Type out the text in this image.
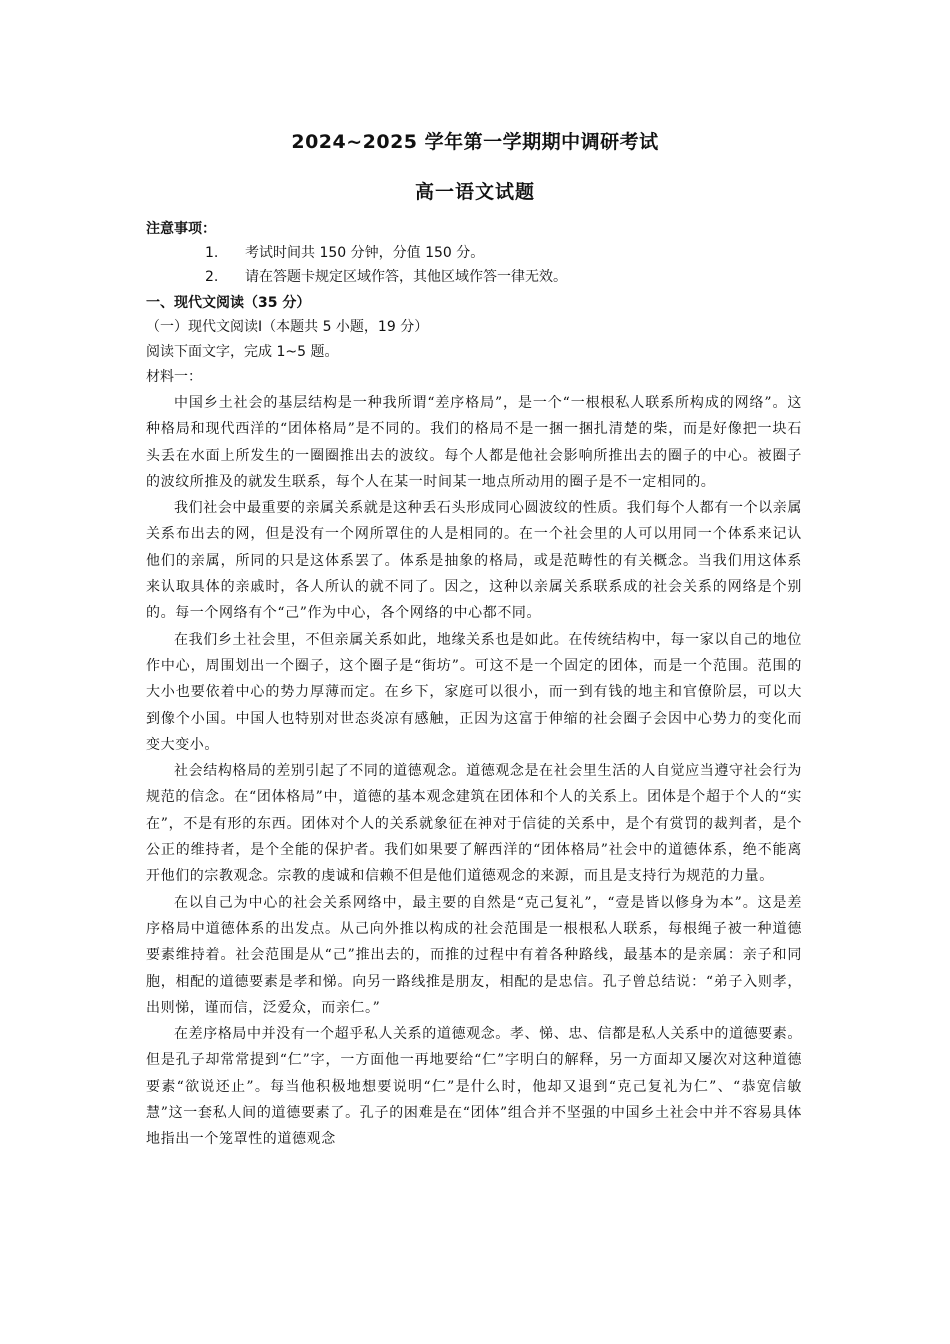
2024~2025 学年第一学期期中调研考试
高一语文试题
注意事项：
1. 考试时间共 150 分钟，分值 150 分。
2. 请在答题卡规定区域作答，其他区域作答一律无效。
一、现代文阅读（35 分）
（一）现代文阅读Ⅰ（本题共 5 小题，19 分）
阅读下面文字，完成 1~5 题。
材料一：

中国乡土社会的基层结构是一种我所谓“差序格局”，是一个“一根根私人联系所构成的网络”。这种格局和现代西洋的“团体格局”是不同的。我们的格局不是一捆一捆扎清楚的柴，而是好像把一块石头丢在水面上所发生的一圈圈推出去的波纹。每个人都是他社会影响所推出去的圈子的中心。被圈子的波纹所推及的就发生联系，每个人在某一时间某一地点所动用的圈子是不一定相同的。

我们社会中最重要的亲属关系就是这种丢石头形成同心圆波纹的性质。我们每个人都有一个以亲属关系布出去的网，但是没有一个网所罩住的人是相同的。在一个社会里的人可以用同一个体系来记认他们的亲属，所同的只是这体系罢了。体系是抽象的格局，或是范畴性的有关概念。当我们用这体系来认取具体的亲戚时，各人所认的就不同了。因之，这种以亲属关系联系成的社会关系的网络是个别的。每一个网络有个“己”作为中心，各个网络的中心都不同。

在我们乡土社会里，不但亲属关系如此，地缘关系也是如此。在传统结构中，每一家以自己的地位作中心，周围划出一个圈子，这个圈子是“街坊”。可这不是一个固定的团体，而是一个范围。范围的大小也要依着中心的势力厚薄而定。在乡下，家庭可以很小，而一到有钱的地主和官僚阶层，可以大到像个小国。中国人也特别对世态炎凉有感触，正因为这富于伸缩的社会圈子会因中心势力的变化而变大变小。

社会结构格局的差别引起了不同的道德观念。道德观念是在社会里生活的人自觉应当遵守社会行为规范的信念。在“团体格局”中，道德的基本观念建筑在团体和个人的关系上。团体是个超于个人的“实在”，不是有形的东西。团体对个人的关系就象征在神对于信徒的关系中，是个有赏罚的裁判者，是个公正的维持者，是个全能的保护者。我们如果要了解西洋的“团体格局”社会中的道德体系，绝不能离开他们的宗教观念。宗教的虔诚和信赖不但是他们道德观念的来源，而且是支持行为规范的力量。

在以自己为中心的社会关系网络中，最主要的自然是“克己复礼”，“壹是皆以修身为本”。这是差序格局中道德体系的出发点。从己向外推以构成的社会范围是一根根私人联系，每根绳子被一种道德要素维持着。社会范围是从“己”推出去的，而推的过程中有着各种路线，最基本的是亲属：亲子和同胞，相配的道德要素是孝和悌。向另一路线推是朋友，相配的是忠信。孔子曾总结说：“弟子入则孝，出则悌，谨而信，泛爱众，而亲仁。”

在差序格局中并没有一个超乎私人关系的道德观念。孝、悌、忠、信都是私人关系中的道德要素。但是孔子却常常提到“仁”字，一方面他一再地要给“仁”字明白的解释，另一方面却又屡次对这种道德要素“欲说还止”。每当他积极地想要说明“仁”是什么时，他却又退到“克己复礼为仁”、“恭宽信敏慧”这一套私人间的道德要素了。孔子的困难是在“团体”组合并不坚强的中国乡土社会中并不容易具体地指出一个笼罩性的道德观念
